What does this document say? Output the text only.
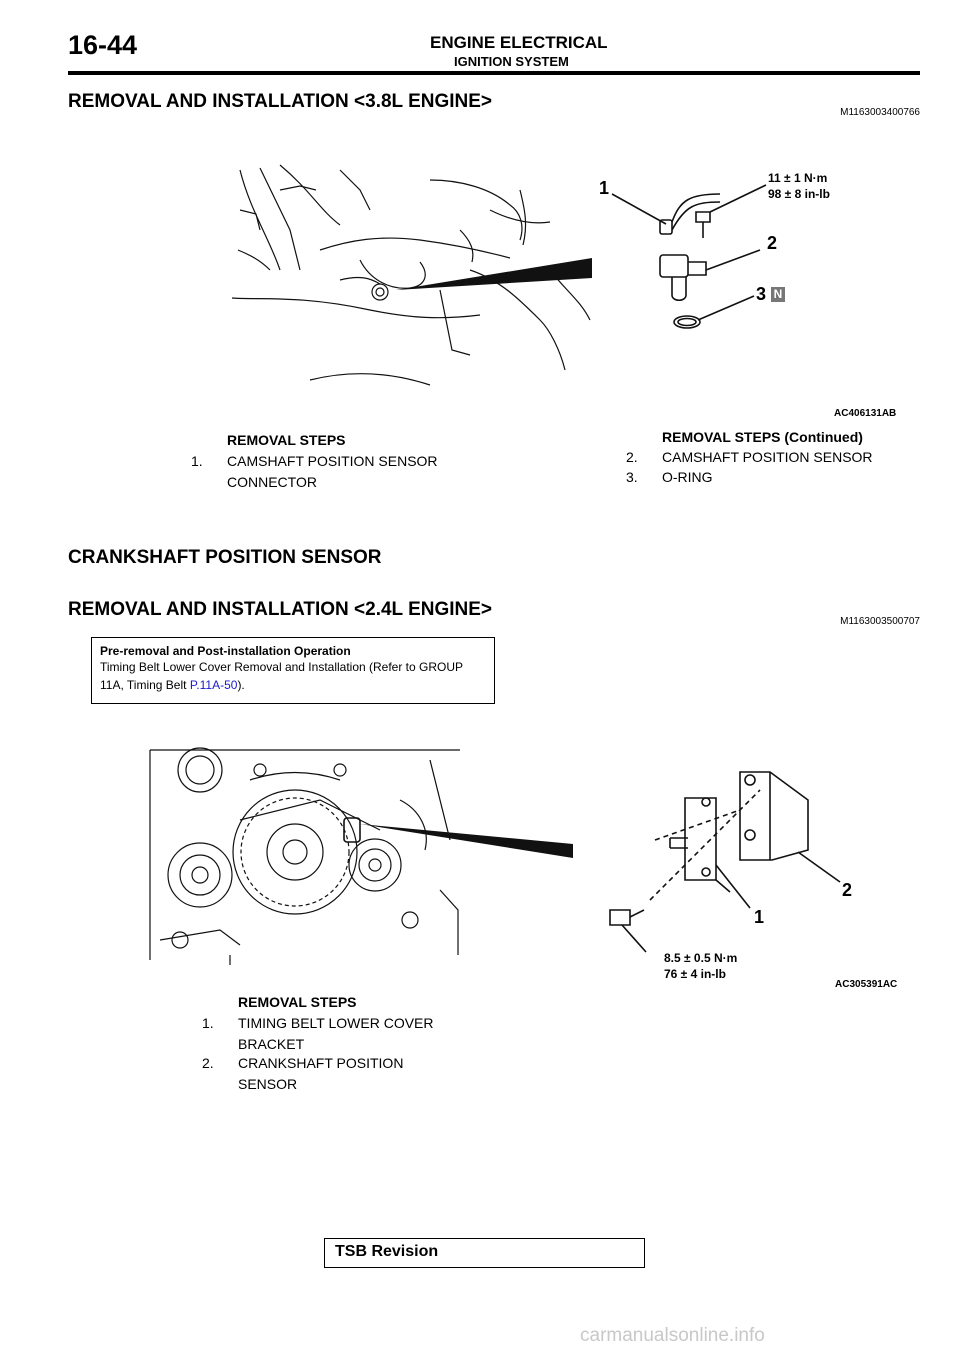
16-44	ENGINE ELECTRICAL
IGNITION SYSTEM
REMOVAL AND INSTALLATION <3.8L ENGINE>
M1163003400766
1
2
3 N
11 ± 1 N·m
98 ± 8 in-lb
AC406131AB
REMOVAL STEPS
1. CAMSHAFT POSITION SENSOR CONNECTOR
REMOVAL STEPS (Continued)
2. CAMSHAFT POSITION SENSOR
3. O-RING
CRANKSHAFT POSITION SENSOR
REMOVAL AND INSTALLATION <2.4L ENGINE>
M1163003500707
Pre-removal and Post-installation Operation
Timing Belt Lower Cover Removal and Installation (Refer to GROUP 11A, Timing Belt P.11A-50).
1
2
8.5 ± 0.5 N·m
76 ± 4 in-lb
AC305391AC
REMOVAL STEPS
1. TIMING BELT LOWER COVER BRACKET
2. CRANKSHAFT POSITION SENSOR
TSB Revision
carmanualsonline.info
